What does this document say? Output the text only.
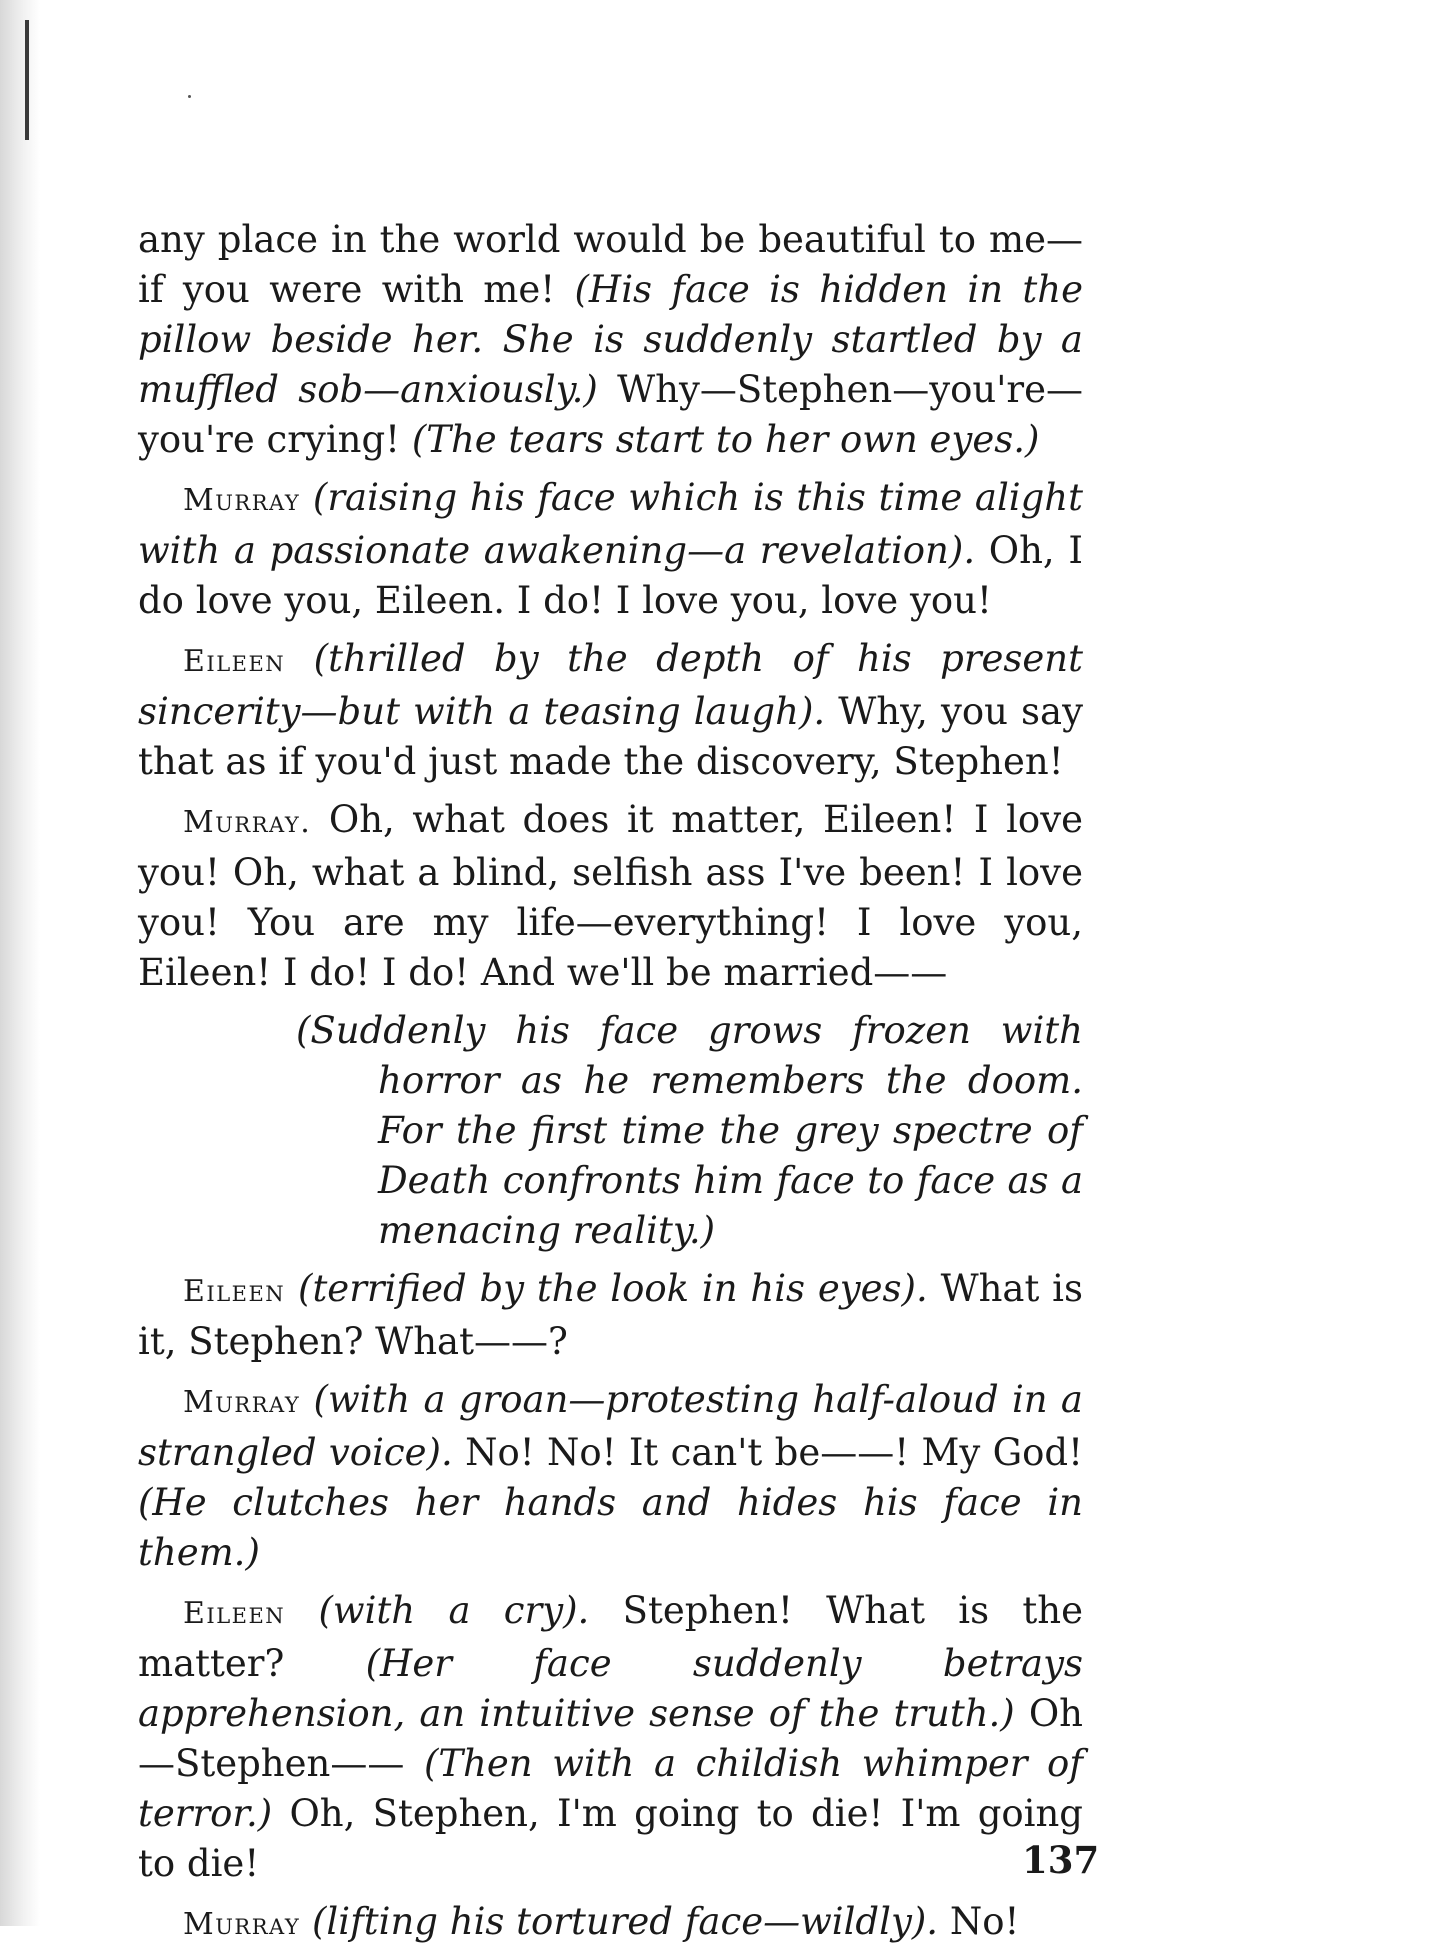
any place in the world would be beautiful to me—if you were with me! (His face is hidden in the pillow beside her. She is suddenly startled by a muffled sob—anxiously.) Why—Stephen—you're—you're crying! (The tears start to her own eyes.)

Murray (raising his face which is this time alight with a passionate awakening—a revelation). Oh, I do love you, Eileen. I do! I love you, love you!

Eileen (thrilled by the depth of his present sincerity—but with a teasing laugh). Why, you say that as if you'd just made the discovery, Stephen!

Murray. Oh, what does it matter, Eileen! I love you! Oh, what a blind, selfish ass I've been! I love you! You are my life—everything! I love you, Eileen! I do! I do! And we'll be married——

(Suddenly his face grows frozen with horror as he remembers the doom. For the first time the grey spectre of Death confronts him face to face as a menacing reality.)

Eileen (terrified by the look in his eyes). What is it, Stephen? What——?

Murray (with a groan—protesting half-aloud in a strangled voice). No! No! It can't be——! My God! (He clutches her hands and hides his face in them.)

Eileen (with a cry). Stephen! What is the matter? (Her face suddenly betrays apprehension, an intuitive sense of the truth.) Oh—Stephen—— (Then with a childish whimper of terror.) Oh, Stephen, I'm going to die! I'm going to die!

Murray (lifting his tortured face—wildly). No!

137
